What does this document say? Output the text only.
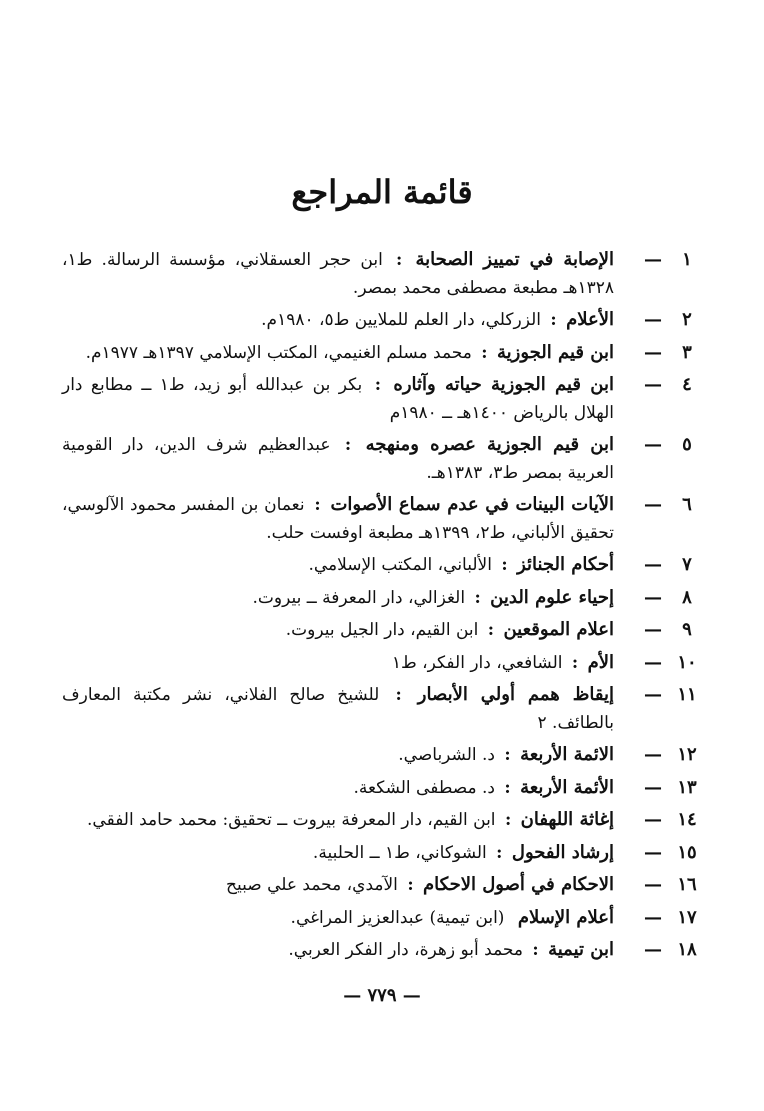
قائمة المراجع
١—
الإصابة في تمييز الصحابة : ابن حجر العسقلاني، مؤسسة الرسالة. ط١، ١٣٢٨هـ مطبعة مصطفى محمد بمصر.
٢—
الأعلام : الزركلي، دار العلم للملايين ط٥، ١٩٨٠م.
٣—
ابن قيم الجوزية : محمد مسلم الغنيمي، المكتب الإسلامي ١٣٩٧هـ ١٩٧٧م.
٤—
ابن قيم الجوزية حياته وآثاره : بكر بن عبدالله أبو زيد، ط١ ــ مطابع دار الهلال بالرياض ١٤٠٠هـ ــ ١٩٨٠م
٥—
ابن قيم الجوزية عصره ومنهجه : عبدالعظيم شرف الدين، دار القومية العربية بمصر ط٣، ١٣٨٣هـ.
٦—
الآيات البينات في عدم سماع الأصوات : نعمان بن المفسر محمود الآلوسي، تحقيق الألباني، ط٢، ١٣٩٩هـ مطبعة اوفست حلب.
٧—
أحكام الجنائز : الألباني، المكتب الإسلامي.
٨—
إحياء علوم الدين : الغزالي، دار المعرفة ــ بيروت.
٩—
اعلام الموقعين : ابن القيم، دار الجيل بيروت.
١٠—
الأم : الشافعي، دار الفكر، ط١
١١—
إيقاظ همم أولي الأبصار : للشيخ صالح الفلاني، نشر مكتبة المعارف بالطائف. ٢
١٢—
الائمة الأربعة : د. الشرباصي.
١٣—
الأئمة الأربعة : د. مصطفى الشكعة.
١٤—
إغاثة اللهفان : ابن القيم، دار المعرفة بيروت ــ تحقيق: محمد حامد الفقي.
١٥—
إرشاد الفحول : الشوكاني، ط١ ــ الحلبية.
١٦—
الاحكام في أصول الاحكام : الآمدي، محمد علي صبيح
١٧—
أعلام الإسلام (ابن تيمية) عبدالعزيز المراغي.
١٨—
ابن تيمية : محمد أبو زهرة، دار الفكر العربي.
— ٧٧٩ —
